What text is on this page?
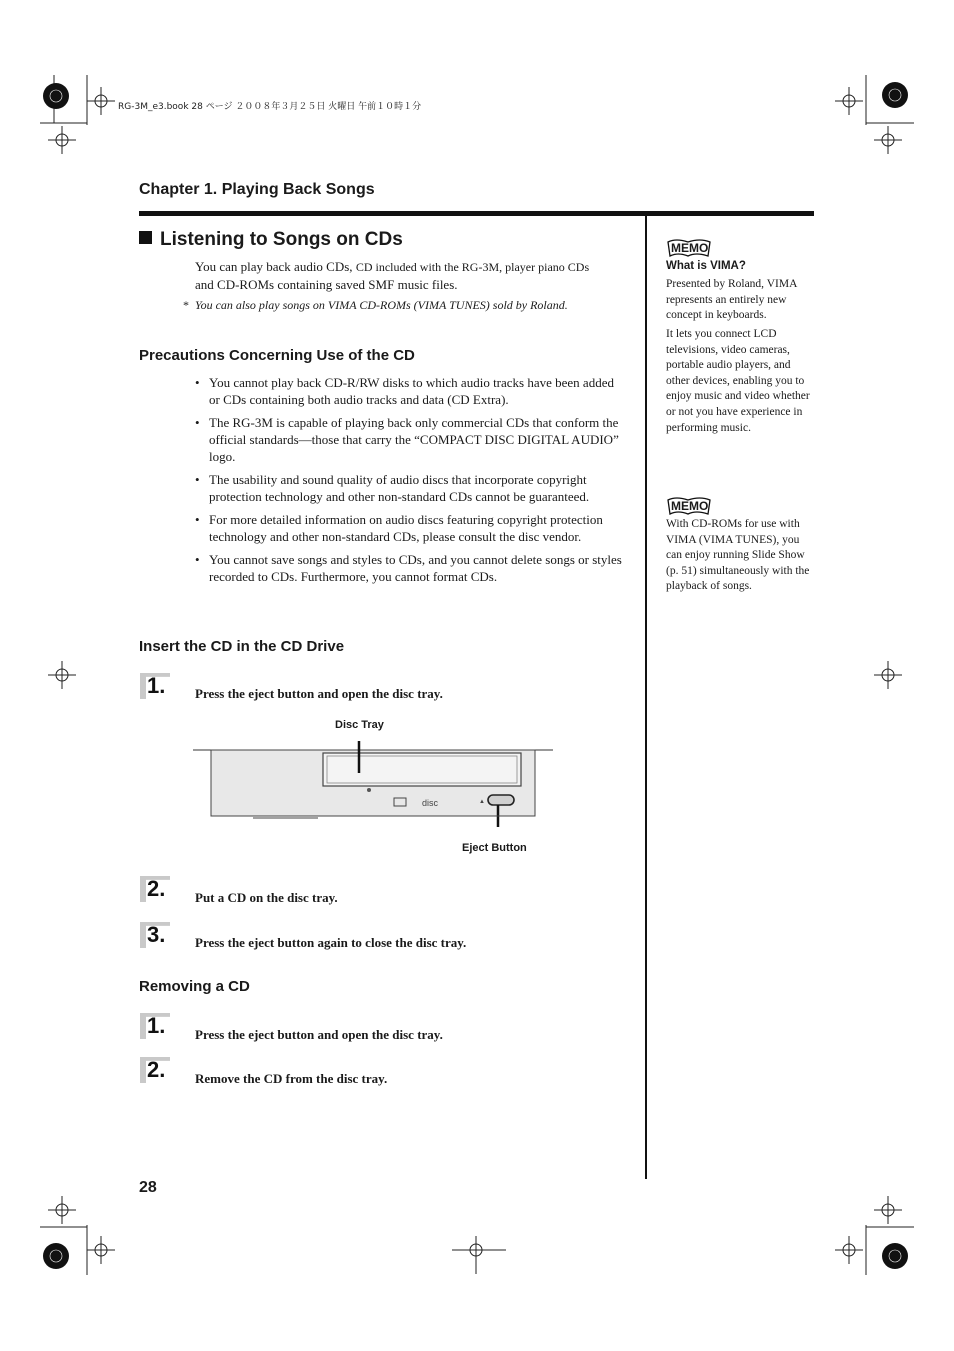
RG-3M_e3.book 28 ページ ２００８年３月２５日 火曜日 午前１０時１分
Chapter 1. Playing Back Songs
Listening to Songs on CDs
You can play back audio CDs, CD included with the RG-3M, player piano CDs
and CD-ROMs containing saved SMF music files.
* You can also play songs on VIMA CD-ROMs (VIMA TUNES) sold by Roland.
Precautions Concerning Use of the CD
• You cannot play back CD-R/RW disks to which audio tracks have been added or CDs containing both audio tracks and data (CD Extra).
• The RG-3M is capable of playing back only commercial CDs that conform the official standards—those that carry the “COMPACT DISC DIGITAL AUDIO” logo.
• The usability and sound quality of audio discs that incorporate copyright protection technology and other non-standard CDs cannot be guaranteed.
• For more detailed information on audio discs featuring copyright protection technology and other non-standard CDs, please consult the disc vendor.
• You cannot save songs and styles to CDs, and you cannot delete songs or styles recorded to CDs. Furthermore, you cannot format CDs.
Insert the CD in the CD Drive
1. Press the eject button and open the disc tray.
Disc Tray
disc	▲
Eject Button
2. Put a CD on the disc tray.
3. Press the eject button again to close the disc tray.
Removing a CD
1. Press the eject button and open the disc tray.
2. Remove the CD from the disc tray.
MEMO
What is VIMA?
Presented by Roland, VIMA represents an entirely new concept in keyboards.
It lets you connect LCD televisions, video cameras, portable audio players, and other devices, enabling you to enjoy music and video whether or not you have experience in performing music.
MEMO
With CD-ROMs for use with VIMA (VIMA TUNES), you can enjoy running Slide Show (p. 51) simultaneously with the playback of songs.
28
